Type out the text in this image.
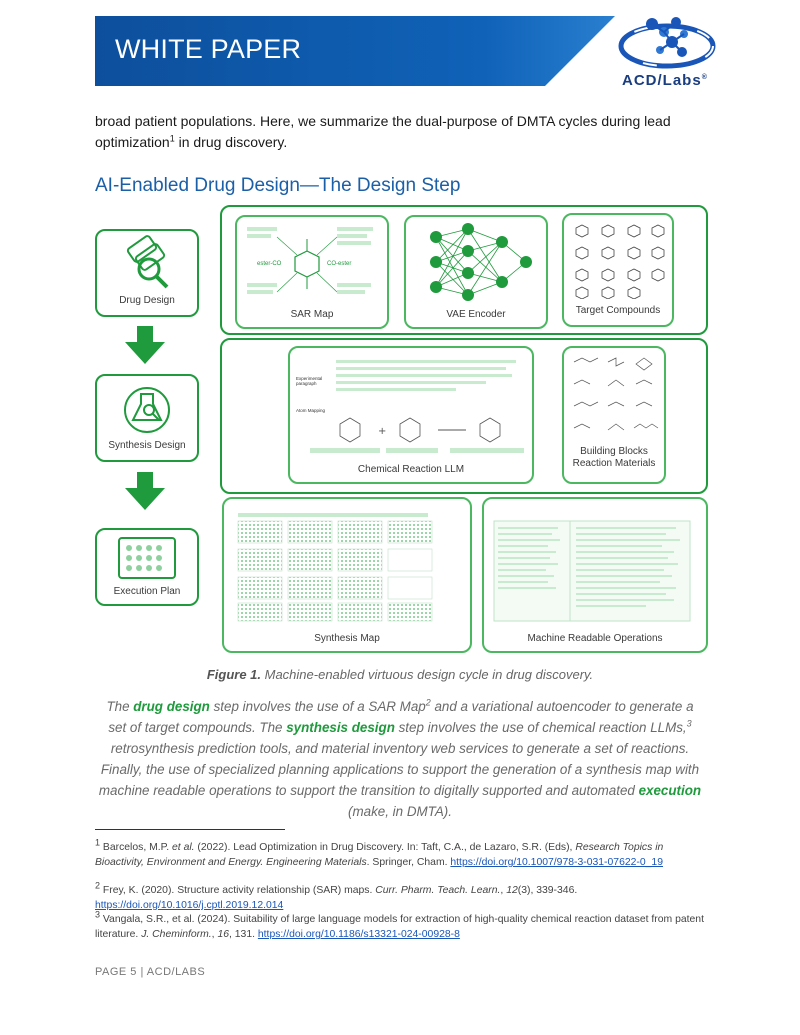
WHITE PAPER
ACD/Labs®
broad patient populations. Here, we summarize the dual-purpose of DMTA cycles during lead
optimization$^1$ in drug discovery.
AI-Enabled Drug Design—The Design Step
Drug Design
Synthesis Design
Execution Plan
ester-CO	CO-ester
SAR Map	VAE Encoder	Target Compounds
+
Experimental paragraph
Atom Mapping
Chemical Reaction LLM
Building Blocks
Reaction Materials
Synthesis Map	Machine Readable Operations
Figure 1. Machine-enabled virtuous design cycle in drug discovery.
The drug design step involves the use of a SAR Map$^2$ and a variational autoencoder to generate a set of target compounds. The synthesis design step involves the use of chemical reaction LLMs,$^3$ retrosynthesis prediction tools, and material inventory web services to generate a set of reactions. Finally, the use of specialized planning applications to support the generation of a synthesis map with machine readable operations to support the transition to digitally supported and automated execution (make, in DMTA).
$^1$ Barcelos, M.P. et al. (2022). Lead Optimization in Drug Discovery. In: Taft, C.A., de Lazaro, S.R. (Eds), Research Topics in Bioactivity, Environment and Energy. Engineering Materials. Springer, Cham. https://doi.org/10.1007/978-3-031-07622-0_19
$^2$ Frey, K. (2020). Structure activity relationship (SAR) maps. Curr. Pharm. Teach. Learn., 12(3), 339-346. https://doi.org/10.1016/j.cptl.2019.12.014
$^3$ Vangala, S.R., et al. (2024). Suitability of large language models for extraction of high-quality chemical reaction dataset from patent literature. J. Cheminform., 16, 131. https://doi.org/10.1186/s13321-024-00928-8
PAGE 5 | ACD/LABS
